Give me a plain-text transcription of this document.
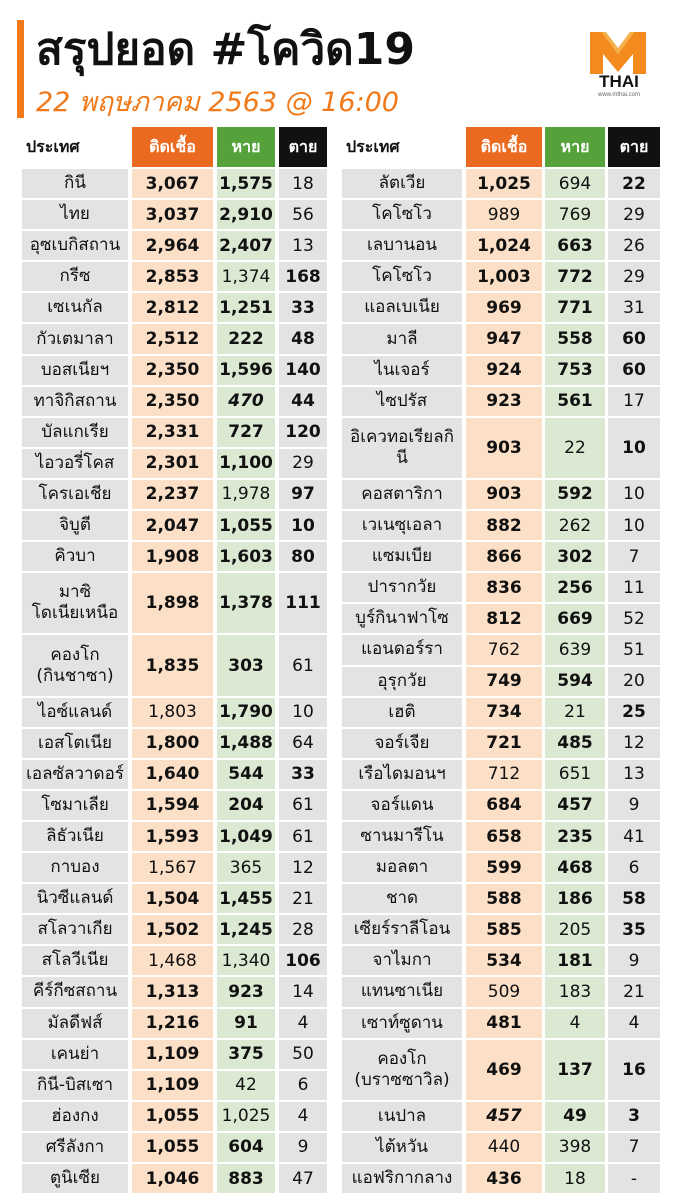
สรุปยอด #โควิด19
22 พฤษภาคม 2563 @ 16:00
THAI
www.mthai.com
ประเทศ	ติดเชื้อ	หาย	ตาย
กินี	3,067 1,575 18
ไทย	3,037 2,910 56
อุซเบกิสถาน 2,964 2,407 13
กรีซ	2,853 1,374 168
เซเนกัล	2,812 1,251 33
กัวเตมาลา 2,512 222 48
บอสเนียฯ 2,350 1,596 140
ทาจิกิสถาน 2,350 470 44
บัลแกเรีย 2,331 727 120
ไอวอรี่โคส 2,301 1,100 29
โครเอเชีย 2,237 1,978 97
จิบูตี	2,047 1,055 10
คิวบา	1,908 1,603 80
มาซิ
โดเนียเหนือ 1,898 1,378 111
คองโก
(กินชาซา) 1,835 303 61
ไอซ์แลนด์ 1,803 1,790 10
เอสโตเนีย 1,800 1,488 64
เอลซัลวาดอร์ 1,640 544 33
โซมาเลีย 1,594 204 61
ลิธัวเนีย 1,593 1,049 61
กาบอง	1,567 365 12
นิวซีแลนด์ 1,504 1,455 21
สโลวาเกีย 1,502 1,245 28
สโลวีเนีย 1,468 1,340 106
คีร์กีซสถาน 1,313 923 14
มัลดีฟส์	1,216 91 4
เคนย่า	1,109 375 50
กินี-บิสเซา 1,109 42 6
ฮ่องกง	1,055 1,025 4
ศรีลังกา 1,055 604 9
ตูนิเซีย	1,046 883 47
ประเทศ	ติดเชื้อ	หาย	ตาย
ลัตเวีย	1,025 694 22
โคโซโว	989 769 29
เลบานอน 1,024 663 26
โคโซโว	1,003 772 29
แอลเบเนีย	969 771 31
มาลี	947 558 60
ไนเจอร์	924 753 60
ไซปรัส	923 561 17
อิเควทอเรียลกิ
นี	903 22 10
คอสตาริกา	903 592 10
เวเนซุเอลา	882 262 10
แซมเบีย	866 302 7
ปารากวัย	836 256 11
บูร์กินาฟาโซ 812 669 52
แอนดอร์รา	762 639 51
อุรุกวัย	749 594 20
เฮติ	734 21 25
จอร์เจีย	721 485 12
เรือไดมอนฯ 712 651 13
จอร์แดน	684 457 9
ซานมารีโน	658 235 41
มอลตา	599 468 6
ชาด	588 186 58
เซียร์ราลีโอน 585 205 35
จาไมกา	534 181 9
แทนซาเนีย	509 183 21
เซาท์ซูดาน	481	4	4
คองโก
(บราซซาวิล) 469 137 16
เนปาล	457 49 3
ไต้หวัน	440 398 7
แอฟริกากลาง 436 18	-
